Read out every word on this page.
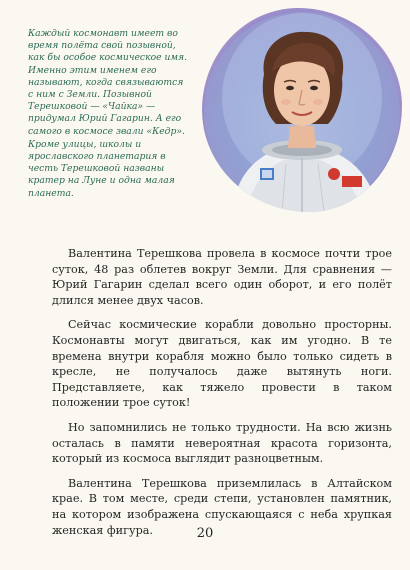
Каждый космонавт имеет во время полёта свой позывной, как бы особое космическое имя. Именно этим именем его называют, когда связываются с ним с Земли. Позывной Терешковой — «Чайка» — придумал Юрий Гагарин. А его самого в космосе звали «Кедр».

Кроме улицы, школы и ярославского планетария в честь Терешковой названы кратер на Луне и одна малая планета.

Валентина Терешкова провела в космосе почти трое суток, 48 раз облетев вокруг Земли. Для сравнения — Юрий Гагарин сделал всего один оборот, и его полёт длился менее двух часов.

Сейчас космические корабли довольно просторны. Космонавты могут двигаться, как им угодно. В те времена внутри корабля можно было только сидеть в кресле, не получалось даже вытянуть ноги. Представляете, как тяжело провести в таком положении трое суток!

Но запомнились не только трудности. На всю жизнь осталась в памяти невероятная красота горизонта, который из космоса выглядит разноцветным.

Валентина Терешкова приземлилась в Алтайском крае. В том месте, среди степи, установлен памятник, на котором изображена спускающаяся с неба хрупкая женская фигура.	20
